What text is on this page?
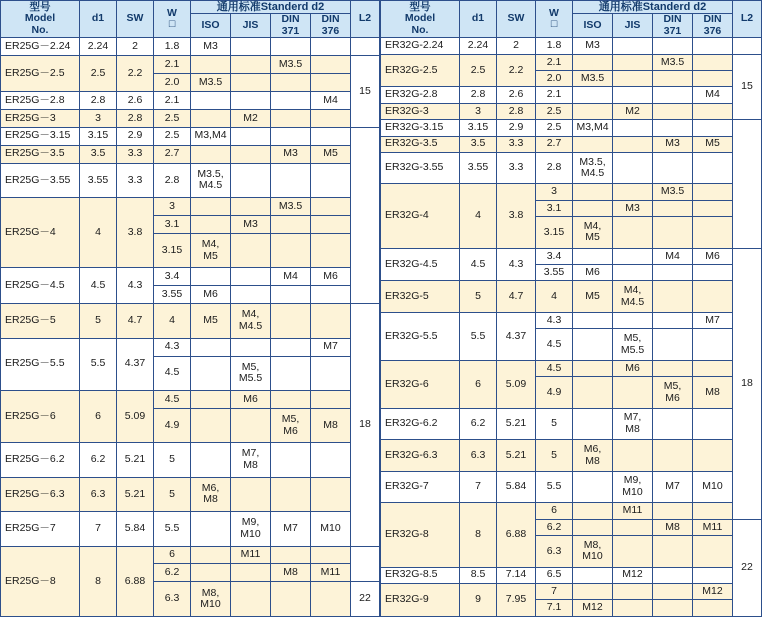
型号
Model
No.
	d1	SW	W
□
	通用标准Standerd d2	L2
				ISO	JIS	DIN
371	DIN
376	
ER25G－2.24	2.24	2	1.8	M3				
ER25G－2.5	2.5	2.2	2.1			M3.5		15
			2.0	M3.5				
ER25G－2.8	2.8	2.6	2.1				M4	
ER25G－3	3	2.8	2.5		M2			
ER25G－3.15	3.15	2.9	2.5	M3,M4				
ER25G－3.5	3.5	3.3	2.7			M3	M5	
ER25G－3.55	3.55	3.3	2.8	M3.5, M4.5				
ER25G－4	4	3.8	3			M3.5		
			3.1		M3			
			3.15	M4, M5				
ER25G－4.5	4.5	4.3	3.4			M4	M6	
			3.55	M6				
ER25G－5	5	4.7	4	M5	M4, M4.5			18
ER25G－5.5	5.5	4.37	4.3				M7	
			4.5		M5, M5.5			
ER25G－6	6	5.09	4.5		M6			
			4.9			M5, M6	M8	
ER25G－6.2	6.2	5.21	5		M7, M8			
ER25G－6.3	6.3	5.21	5	M6, M8				
ER25G－7	7	5.84	5.5		M9, M10	M7	M10	
ER25G－8	8	6.88	6		M11			
			6.2			M8	M11	
			6.3	M8, M10				22
型号
Model
No.
	d1	SW	W
□
	通用标准Standerd d2	L2
				ISO	JIS	DIN
371	DIN
376	
ER32G-2.24	2.24	2	1.8	M3				
ER32G-2.5	2.5	2.2	2.1			M3.5		15
			2.0	M3.5				
ER32G-2.8	2.8	2.6	2.1				M4	
ER32G-3	3	2.8	2.5		M2			
ER32G-3.15	3.15	2.9	2.5	M3,M4				
ER32G-3.5	3.5	3.3	2.7			M3	M5	
ER32G-3.55	3.55	3.3	2.8	M3.5, M4.5				
ER32G-4	4	3.8	3			M3.5		
			3.1		M3			
			3.15	M4, M5				
ER32G-4.5	4.5	4.3	3.4			M4	M6	18
			3.55	M6				
ER32G-5	5	4.7	4	M5	M4, M4.5			
ER32G-5.5	5.5	4.37	4.3				M7	
			4.5		M5, M5.5			
ER32G-6	6	5.09	4.5		M6			
			4.9			M5, M6	M8	
ER32G-6.2	6.2	5.21	5		M7, M8			
ER32G-6.3	6.3	5.21	5	M6, M8				
ER32G-7	7	5.84	5.5		M9, M10	M7	M10	
ER32G-8	8	6.88	6		M11			
			6.2			M8	M11	22
			6.3	M8, M10				
ER32G-8.5	8.5	7.14	6.5		M12			
ER32G-9	9	7.95	7				M12	
			7.1	M12				
